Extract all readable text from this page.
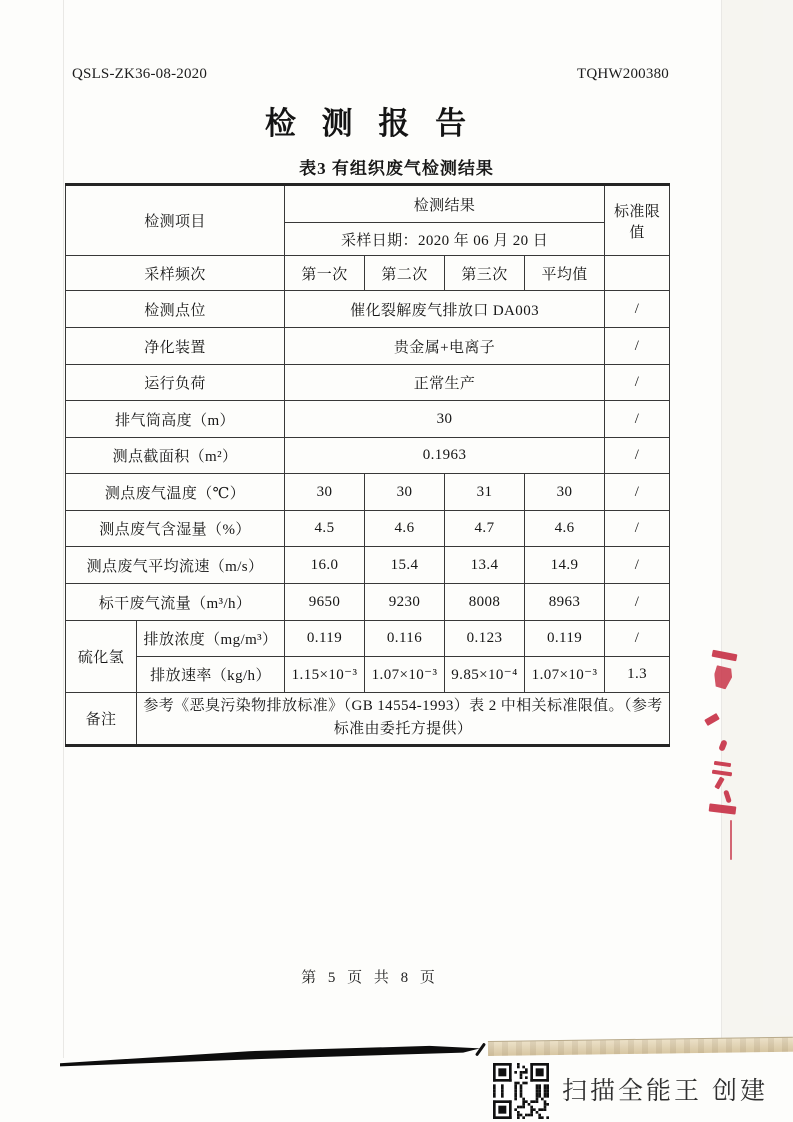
QSLS-ZK36-08-2020	TQHW200380
检 测 报 告
表3 有组织废气检测结果
检测项目		检测结果				标准限值
		采样日期：2020 年 06 月 20 日				
采样频次		第一次	第二次	第三次	平均值	
检测点位		催化裂解废气排放口 DA003				/
净化装置		贵金属+电离子				/
运行负荷		正常生产				/
排气筒高度（m）		30				/
测点截面积（m²）		0.1963				/
测点废气温度（℃）		30	30	31	30	/
测点废气含湿量（%）		4.5	4.6	4.7	4.6	/
测点废气平均流速（m/s）		16.0	15.4	13.4	14.9	/
标干废气流量（m³/h）		9650	9230	8008	8963	/
硫化氢	排放浓度（mg/m³）	0.119	0.116	0.123	0.119	/
	排放速率（kg/h）	1.15×10⁻³	1.07×10⁻³	9.85×10⁻⁴	1.07×10⁻³	1.3
备注	参考《恶臭污染物排放标准》（GB 14554-1993）表 2 中相关标准限值。（参考标准由委托方提供）					
第 5 页 共 8 页
扫描全能王 创建
